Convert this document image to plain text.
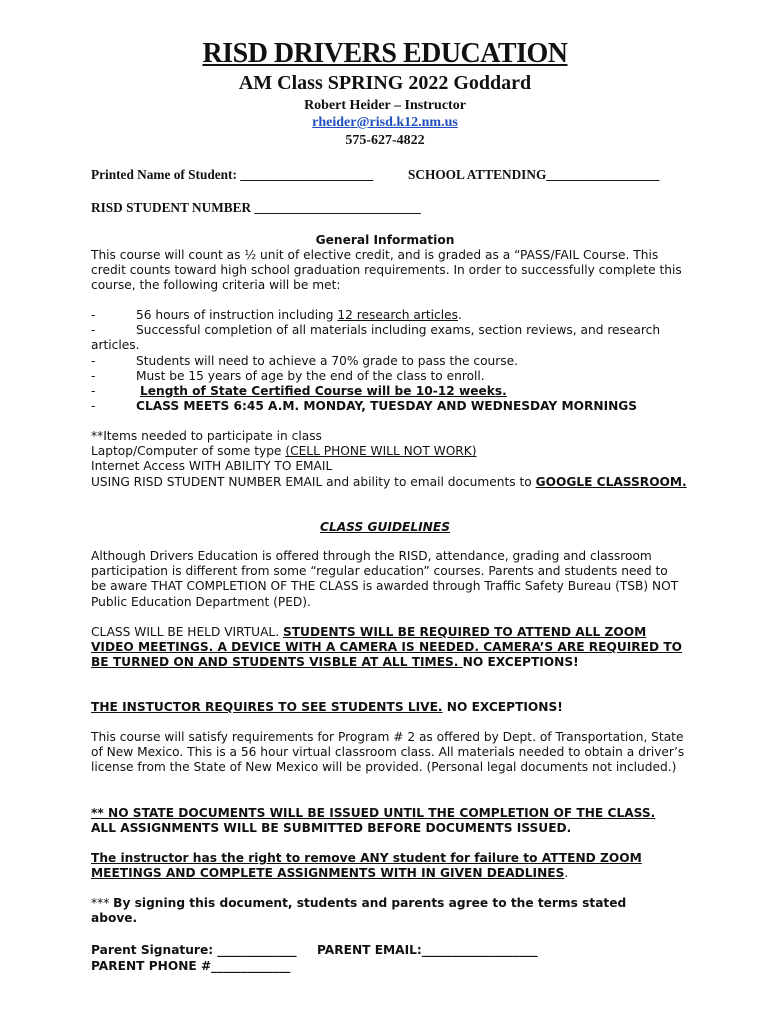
RISD DRIVERS EDUCATION
AM Class SPRING 2022 Goddard
Robert Heider – Instructor
rheider@risd.k12.nm.us
575-627-4822
Printed Name of Student: ____________________	SCHOOL ATTENDING_________________
RISD STUDENT NUMBER _________________________
General Information
This course will count as ½ unit of elective credit, and is graded as a “PASS/FAIL Course. This credit counts toward high school graduation requirements. In order to successfully complete this course, the following criteria will be met:
-	56 hours of instruction including 12 research articles.
-	Successful completion of all materials including exams, section reviews, and research
articles.
-	Students will need to achieve a 70% grade to pass the course.
-	Must be 15 years of age by the end of the class to enroll.
-	Length of State Certified Course will be 10-12 weeks.
-	CLASS MEETS 6:45 A.M. MONDAY, TUESDAY AND WEDNESDAY MORNINGS
**Items needed to participate in class
Laptop/Computer of some type (CELL PHONE WILL NOT WORK)
Internet Access WITH ABILITY TO EMAIL
USING RISD STUDENT NUMBER EMAIL and ability to email documents to GOOGLE CLASSROOM.
CLASS GUIDELINES
Although Drivers Education is offered through the RISD, attendance, grading and classroom participation is different from some “regular education” courses. Parents and students need to be aware THAT COMPLETION OF THE CLASS is awarded through Traffic Safety Bureau (TSB) NOT Public Education Department (PED).
CLASS WILL BE HELD VIRTUAL. STUDENTS WILL BE REQUIRED TO ATTEND ALL ZOOM VIDEO MEETINGS. A DEVICE WITH A CAMERA IS NEEDED. CAMERA’S ARE REQUIRED TO BE TURNED ON AND STUDENTS VISBLE AT ALL TIMES. NO EXCEPTIONS!
THE INSTUCTOR REQUIRES TO SEE STUDENTS LIVE. NO EXCEPTIONS!
This course will satisfy requirements for Program # 2 as offered by Dept. of Transportation, State of New Mexico. This is a 56 hour virtual classroom class. All materials needed to obtain a driver’s license from the State of New Mexico will be provided. (Personal legal documents not included.)
** NO STATE DOCUMENTS WILL BE ISSUED UNTIL THE COMPLETION OF THE CLASS.
ALL ASSIGNMENTS WILL BE SUBMITTED BEFORE DOCUMENTS ISSUED.
The instructor has the right to remove ANY student for failure to ATTEND ZOOM MEETINGS AND COMPLETE ASSIGNMENTS WITH IN GIVEN DEADLINES.
*** By signing this document, students and parents agree to the terms stated above.
Parent Signature: _____________ PARENT EMAIL:___________________
PARENT PHONE #_____________
